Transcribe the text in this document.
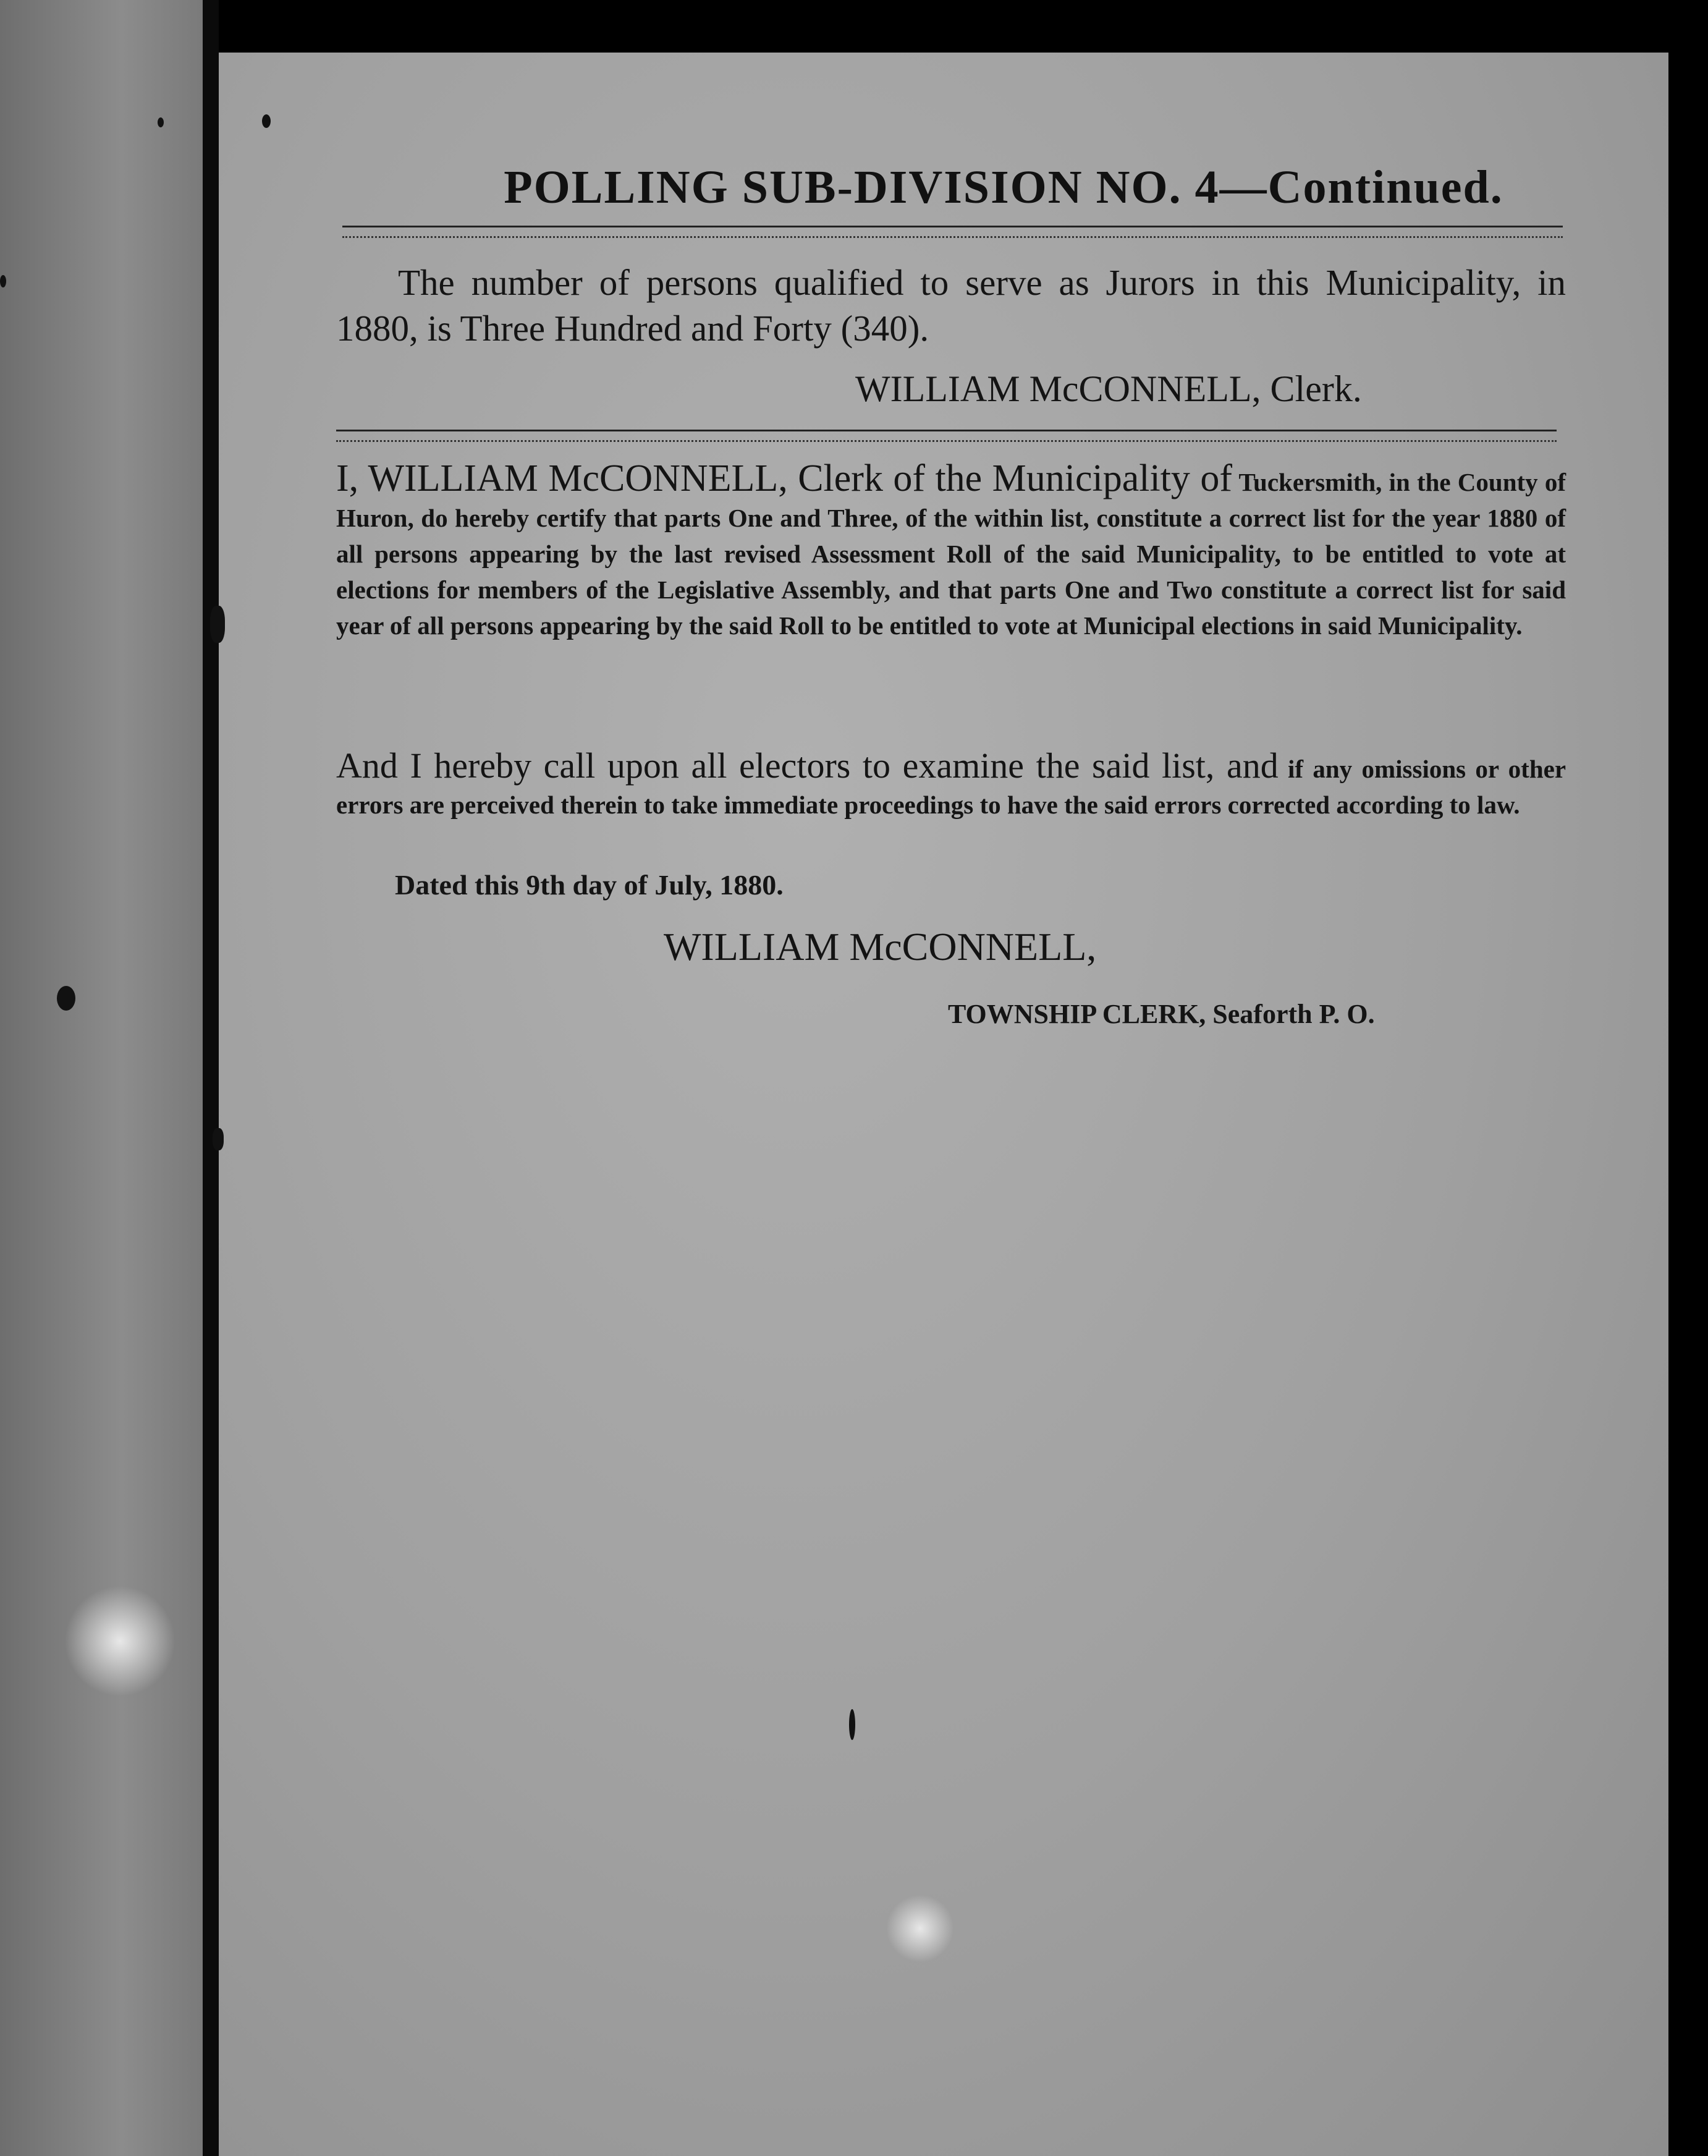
POLLING SUB-DIVISION NO. 4—Continued.
The number of persons qualified to serve as Jurors in this Municipality, in 1880, is Three Hundred and Forty (340).
WILLIAM McCONNELL, Clerk.
I, WILLIAM McCONNELL, Clerk of the Municipality of Tuckersmith, in the County of Huron, do hereby certify that parts One and Three, of the within list, constitute a correct list for the year 1880 of all persons appearing by the last revised Assessment Roll of the said Municipality, to be entitled to vote at elections for members of the Legislative Assembly, and that parts One and Two constitute a correct list for said year of all persons appearing by the said Roll to be entitled to vote at Municipal elections in said Municipality.
And I hereby call upon all electors to examine the said list, and if any omissions or other errors are perceived therein to take immediate proceedings to have the said errors corrected according to law.
Dated this 9th day of July, 1880.
WILLIAM McCONNELL,
TOWNSHIP CLERK, Seaforth P. O.
